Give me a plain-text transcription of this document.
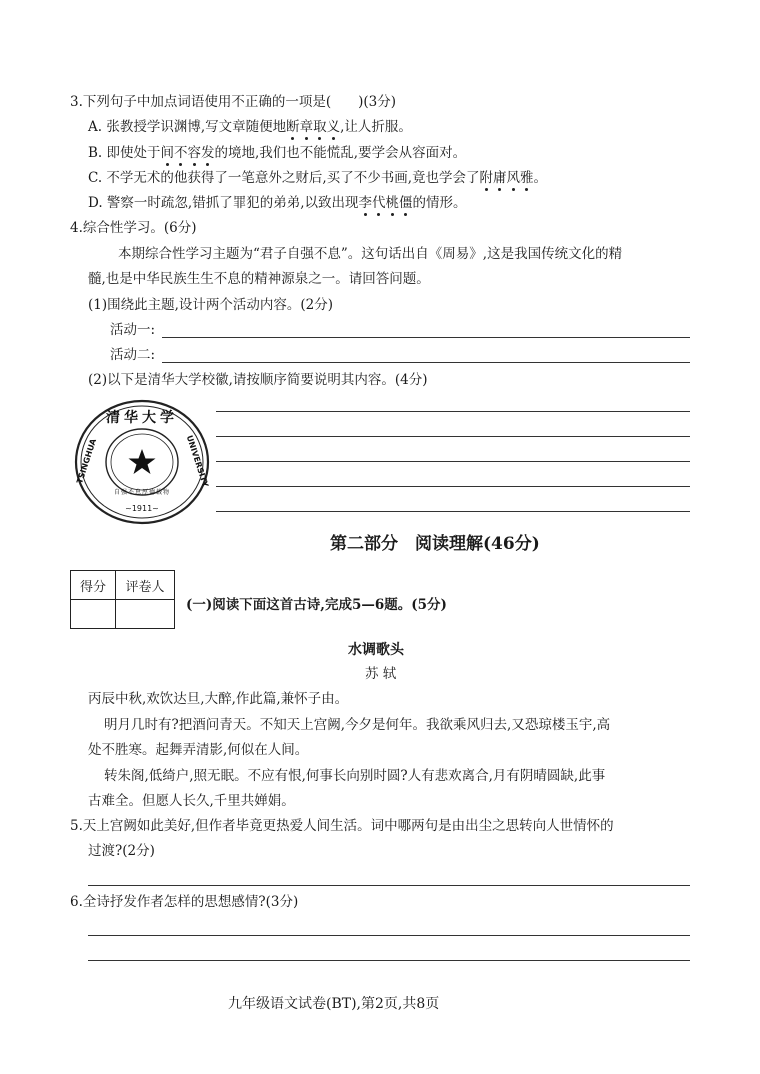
3.下列句子中加点词语使用不正确的一项是(　　)(3分)
A. 张教授学识渊博,写文章随便地断章取义,让人折服。
B. 即使处于间不容发的境地,我们也不能慌乱,要学会从容面对。
C. 不学无术的他获得了一笔意外之财后,买了不少书画,竟也学会了附庸风雅。
D. 警察一时疏忽,错抓了罪犯的弟弟,以致出现李代桃僵的情形。
4.综合性学习。(6分)
本期综合性学习主题为“君子自强不息”。这句话出自《周易》,这是我国传统文化的精
髓,也是中华民族生生不息的精神源泉之一。请回答问题。
(1)围绕此主题,设计两个活动内容。(2分)
活动一:
活动二:
(2)以下是清华大学校徽,请按顺序简要说明其内容。(4分)
清华大学
TSINGHUA	UNIVERSITY
~1911~
自强不息厚德载物
第二部分　阅读理解(46分)
得分	评卷人

(一)阅读下面这首古诗,完成5—6题。(5分)
水调歌头
苏 轼
丙辰中秋,欢饮达旦,大醉,作此篇,兼怀子由。
明月几时有?把酒问青天。不知天上宫阙,今夕是何年。我欲乘风归去,又恐琼楼玉宇,高
处不胜寒。起舞弄清影,何似在人间。
转朱阁,低绮户,照无眠。不应有恨,何事长向别时圆?人有悲欢离合,月有阴晴圆缺,此事
古难全。但愿人长久,千里共婵娟。
5.天上宫阙如此美好,但作者毕竟更热爱人间生活。词中哪两句是由出尘之思转向人世情怀的
过渡?(2分)
6.全诗抒发作者怎样的思想感情?(3分)
九年级语文试卷(BT),第2页,共8页
